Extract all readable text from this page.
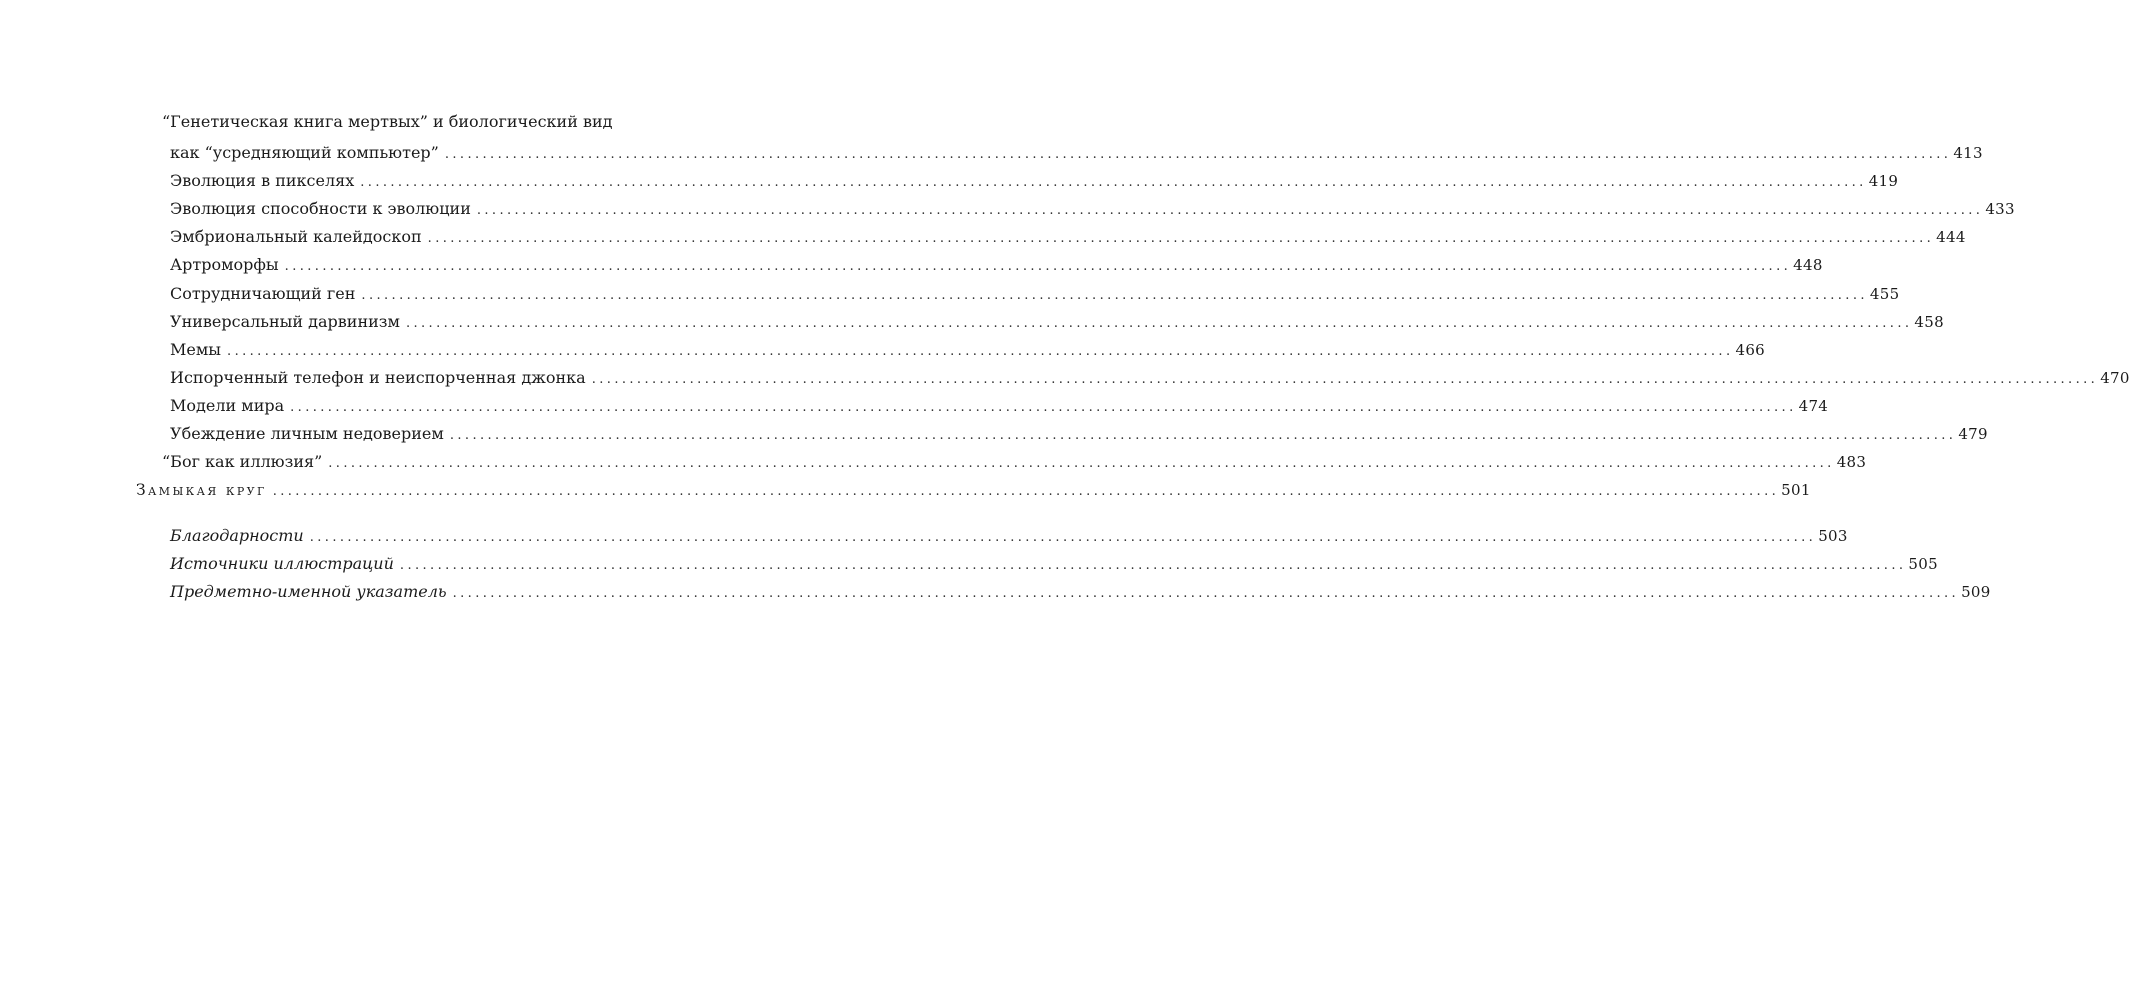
“Генетическая книга мертвых” и биологический вид
как “усредняющий компьютер” ........................................................................................................................................................................................................ 413
Эволюция в пикселях ........................................................................................................................................................................................................ 419
Эволюция способности к эволюции ........................................................................................................................................................................................................ 433
Эмбриональный калейдоскоп ........................................................................................................................................................................................................ 444
Артроморфы ........................................................................................................................................................................................................ 448
Сотрудничающий ген ........................................................................................................................................................................................................ 455
Универсальный дарвинизм ........................................................................................................................................................................................................ 458
Мемы ........................................................................................................................................................................................................ 466
Испорченный телефон и неиспорченная джонка ........................................................................................................................................................................................................ 470
Модели мира ........................................................................................................................................................................................................ 474
Убеждение личным недоверием ........................................................................................................................................................................................................ 479
“Бог как иллюзия” ........................................................................................................................................................................................................ 483
Замыкая круг ........................................................................................................................................................................................................ 501
Благодарности ........................................................................................................................................................................................................ 503
Источники иллюстраций ........................................................................................................................................................................................................ 505
Предметно-именной указатель ........................................................................................................................................................................................................ 509
